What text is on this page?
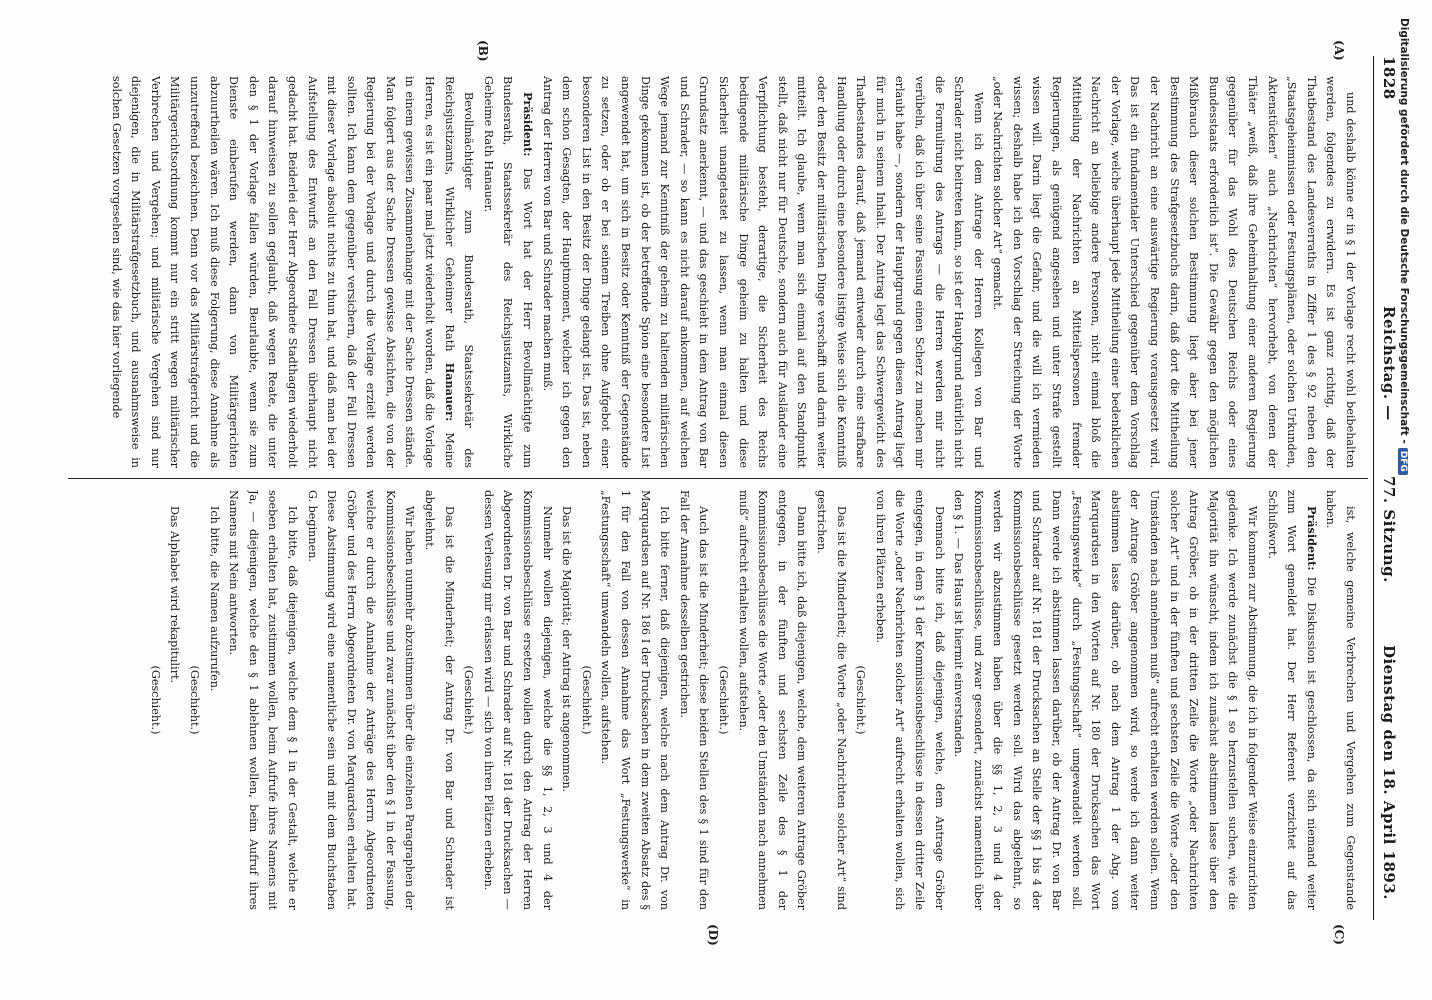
1828
Reichstag. —
77. Sitzung.
Dienstag den 18. April 1893.
(A)
(B)
(C)
(D)

und deshalb könne er in § 1 der Vorlage recht wohl beibehalten werden, folgendes zu erwidern. Es ist ganz richtig, daß der Thatbestand des Landesverraths in Ziffer 1 des § 92 neben den „Staatsgeheimnissen oder Festungsplänen, oder solchen Urkunden, Aktenstücken“ auch „Nachrichten“ hervorhebt, von denen der Thäter „weiß, daß ihre Geheimhaltung einer anderen Regierung gegenüber für das Wohl des Deutschen Reichs oder eines Bundesstaats erforderlich ist“. Die Gewähr gegen den möglichen Mißbrauch dieser solchen Bestimmung liegt aber bei jener Bestimmung des Strafgesetzbuchs darin, daß dort die Mittheilung der Nachricht an eine auswärtige Regierung vorausgesetzt wird. Das ist ein fundamentaler Unterschied gegenüber dem Vorschlag der Vorlage, welche überhaupt jede Mittheilung einer bedenklichen Nachricht an beliebige andere Personen, nicht einmal bloß die Mittheilung der Nachrichten an Mitteilspersonen fremder Regierungen, als genügend angesehen und unter Strafe gestellt wissen will. Darin liegt die Gefahr, und die will ich vermieden wissen; deshalb habe ich den Vorschlag der Streichung der Worte „oder Nachrichten solcher Art“ gemacht.

Wenn ich dem Antrage der Herren Kollegen von Bar und Schrader nicht beitreten kann, so ist der Hauptgrund natürlich nicht die Formulirung des Antrags — die Herren werden mir nicht verübeln, daß ich über seine Fassung einen Scherz zu machen mir erlaubt habe —, sondern der Hauptgrund gegen diesen Antrag liegt für mich in seinem Inhalt. Der Antrag legt das Schwergewicht des Thatbestandes darauf, daß jemand entweder durch eine strafbare Handlung oder durch eine besondere listige Weise sich die Kenntniß oder den Besitz der militärischen Dinge verschafft und darin weiter mitteilt. Ich glaube, wenn man sich einmal auf den Standpunkt stellt, daß nicht nur für Deutsche, sondern auch für Ausländer eine Verpflichtung besteht, derartige, die Sicherheit des Reichs bedingende militärische Dinge geheim zu halten und diese Sicherheit unangetastet zu lassen, wenn man einmal diesen Grundsatz anerkennt, — und das geschieht in dem Antrag von Bar und Schrader, — so kann es nicht darauf ankommen, auf welchen Wege jemand zur Kenntniß der geheim zu haltenden militärischen Dinge gekommen ist, ob der betreffende Spion eine besondere List angewendet hat, um sich in Besitz oder Kenntniß der Gegenstände zu setzen, oder ob er bei seinem Treiben ohne Aufgebot einer besonderen List in den Besitz der Dinge gelangt ist. Das ist, neben dem schon Gesagten, der Hauptmoment, welcher ich gegen den Antrag der Herren von Bar und Schrader machen muß.

Präsident: Das Wort hat der Herr Bevollmächtigte zum Bundesrath, Staatssekretär des Reichsjustizamts, Wirkliche Geheime Rath Hanauer.

Bevollmächtigter zum Bundesrath, Staatssekretär des Reichsjustizamts, Wirklicher Geheimer Rath Hanauer: Meine Herren, es ist ein paar mal jetzt wiederholt worden, daß die Vorlage in einem gewissen Zusammenhange mit der Sache Dressen stände. Man folgert aus der Sache Dressen gewisse Absichten, die von der Regierung bei der Vorlage und durch die Vorlage erzielt werden sollten. Ich kann dem gegenüber versichern, daß der Fall Dressen mit dieser Vorlage absolut nichts zu thun hat, und daß man bei der Aufstellung des Entwurfs an den Fall Dressen überhaupt nicht gedacht hat. Beiderlei der Herr Abgeordnete Stadthagen wiederholt darauf hinweisen zu sollen geglaubt, daß wegen Reate, die unter den § 1 der Vorlage fallen würden, Beurlaubte, wenn sie zum Dienste einberufen werden, dann von Militärgerichten abzuurtheilen wären. Ich muß diese Folgerung, diese Annahme als unzutreffend bezeichnen. Denn vor das Militärstrafgericht und die Militärgerichtsordnung kommt nur ein stritt wegen militärischer Verbrechen und Vergehen; und militärische Vergehen sind nur diejenigen, die in Militärstrafgesetzbuch, und ausnahmsweise in solchen Gesetzen vorgesehen sind, wie das hier vorliegende

ist, welche gemeine Verbrechen und Vergehen zum Gegenstande haben.

Präsident: Die Diskussion ist geschlossen, da sich niemand weiter zum Wort gemeldet hat. Der Herr Referent verzichtet auf das Schlußwort.

Wir kommen zur Abstimmung, die ich in folgender Weise einzurichten gedenke. Ich werde zunächst die § 1 so herzustellen suchen, wie die Majorität ihn wünscht, indem ich zunächst abstimmen lasse über den Antrag Gröber, ob in der dritten Zeile die Worte „oder Nachrichten solcher Art“ und in der fünften und sechsten Zeile die Worte „oder den Umständen nach annehmen muß“ aufrecht erhalten werden sollen. Wenn der Antrage Gröber angenommen wird, so werde ich dann weiter abstimmen lasse darüber, ob nach dem Antrag 1 der Abg. von Marquardsen in den Worten auf Nr. 180 der Drucksachen das Wort „Festungswerke“ durch „Festungsschaft“ umgewandelt werden soll. Dann werde ich abstimmen lassen darüber, ob der Antrag Dr. von Bar und Schrader auf Nr. 181 der Drucksachen an Stelle der §§ 1 bis 4 der Kommissionsbeschlüsse gesetzt werden soll. Wird das abgelehnt, so werden wir abzustimmen haben über die §§ 1, 2, 3 und 4 der Kommissionsbeschlüsse, und zwar gesondert, zunächst namentlich über den § 1. — Das Haus ist hiermit einverstanden.

Demnach bitte ich, daß diejenigen, welche, dem Antrage Gröber entgegen, in dem § 1 der Kommissionsbeschlüsse in dessen dritter Zeile die Worte „oder Nachrichten solcher Art“ aufrecht erhalten wollen, sich von ihren Plätzen erheben.

(Geschieht.)

Das ist die Minderheit; die Worte „oder Nachrichten solcher Art“ sind gestrichen.

Dann bitte ich, daß diejenigen, welche, dem weiteren Antrage Gröber entgegen, in der fünften und sechsten Zeile des § 1 der Kommissionsbeschlüsse die Worte „oder den Umständen nach annehmen muß“ aufrecht erhalten wollen, aufstehen.

(Geschieht.)

Auch das ist die Minderheit; diese beiden Stellen des § 1 sind für den Fall der Annahme desselben gestrichen.

Ich bitte ferner, daß diejenigen, welche nach dem Antrag Dr. von Marquardsen auf Nr. 186 I der Drucksachen in dem zweiten Absatz des § 1 für den Fall von dessen Annahme das Wort „Festungswerke“ in „Festungsschaft“ umwandeln wollen, aufstehen.

(Geschieht.)

Das ist die Majorität; der Antrag ist angenommen.

Nunmehr wollen diejenigen, welche die §§ 1, 2, 3 und 4 der Kommissionsbeschlüsse ersetzen wollen durch den Antrag der Herren Abgeordneten Dr. von Bar und Schrader auf Nr. 181 der Drucksachen — dessen Verlesung mir erlassen wird — sich von ihren Plätzen erheben.

(Geschieht.)

Das ist die Minderheit; der Antrag Dr. von Bar und Schrader ist abgelehnt.

Wir haben nunmehr abzustimmen über die einzelnen Paragraphen der Kommissionsbeschlüsse und zwar zunächst über den § 1 in der Fassung, welche er durch die Annahme der Anträge des Herrn Abgeordneten Gröber und des Herrn Abgeordneten Dr. von Marquardsen erhalten hat. Diese Abstimmung wird eine namentliche sein und mit dem Buchstaben G. beginnen.

Ich bitte, daß diejenigen, welche dem § 1 in der Gestalt, welche er soeben erhalten hat, zustimmen wollen, beim Aufrufe ihres Namens mit Ja, — diejenigen, welche den § 1 ablehnen wollen, beim Aufruf ihres Namens mit Nein antworten.

Ich bitte, die Namen aufzurufen.

(Geschieht.)

Das Alphabet wird rekapitulirt.

(Geschieht.)

Digitalisierung gefördert durch die Deutsche Forschungsgemeinschaft -DFG
